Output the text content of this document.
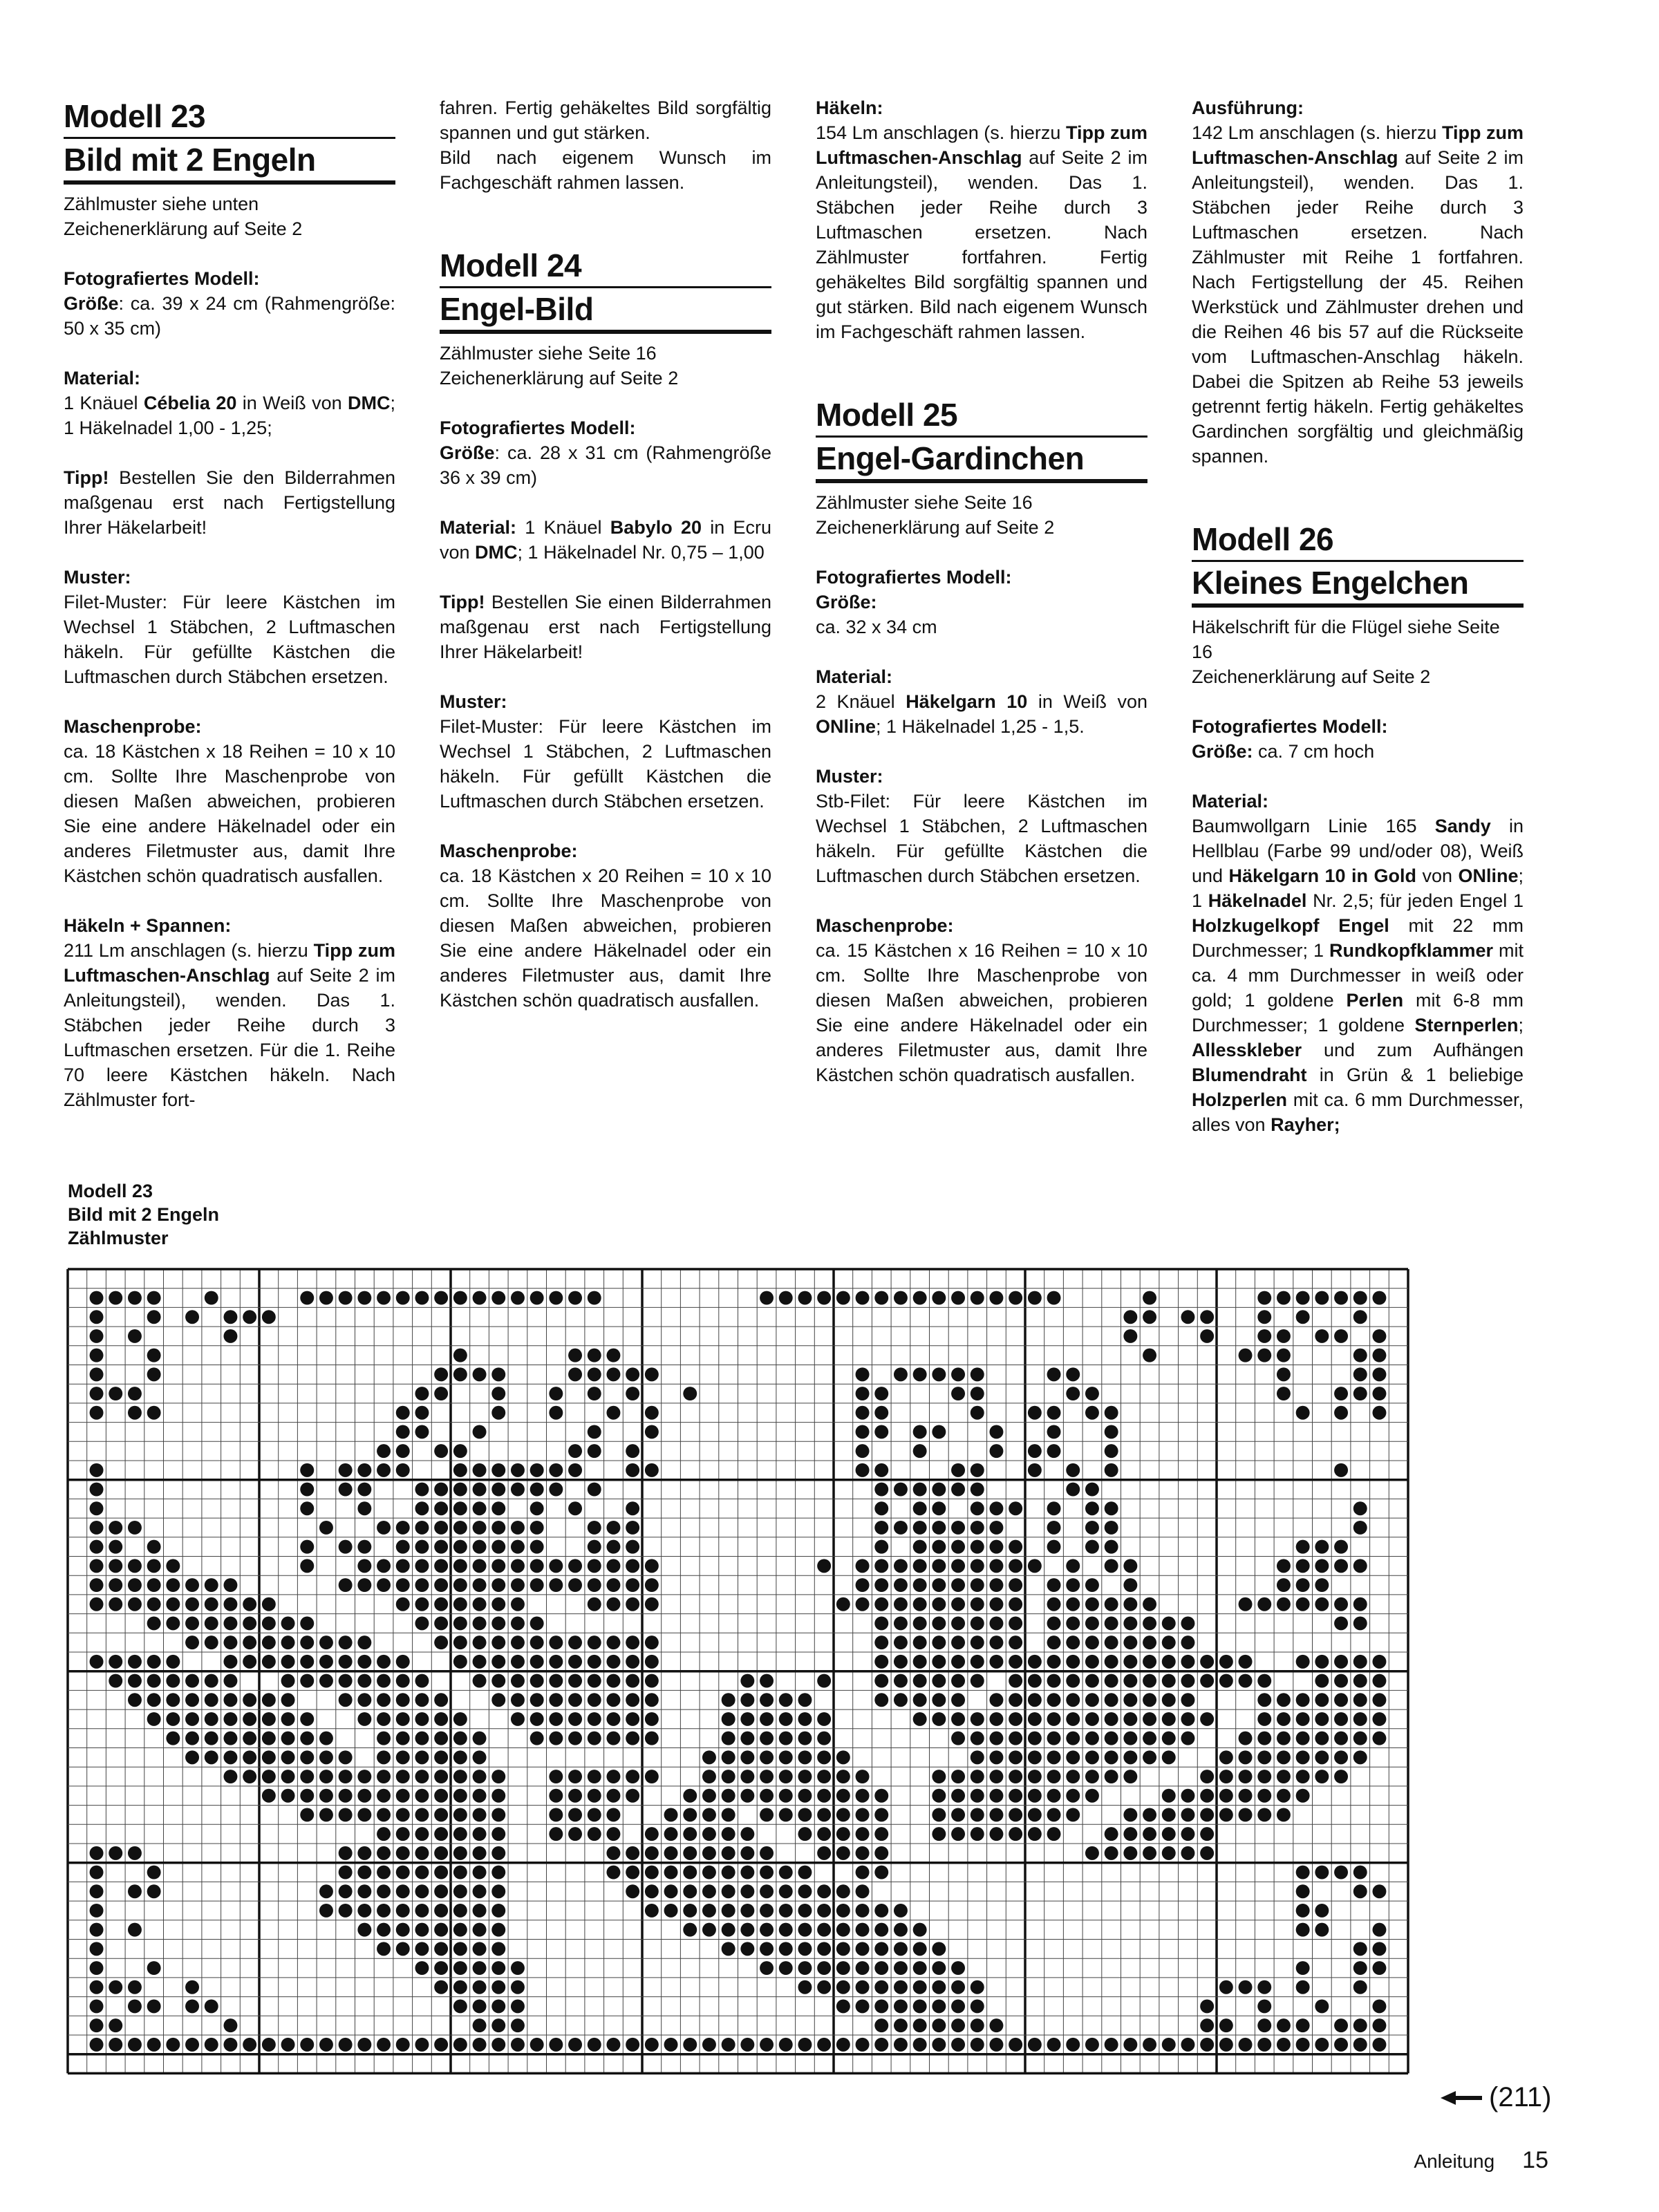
Modell 23
Bild mit 2 Engeln
Zählmuster siehe unten
Zeichenerklärung auf Seite 2
Fotografiertes Modell:
Größe: ca. 39 x 24 cm (Rahmengröße: 50 x 35 cm)
Material:
1 Knäuel Cébelia 20 in Weiß von DMC; 1 Häkelnadel 1,00 - 1,25;
Tipp! Bestellen Sie den Bilderrahmen maßgenau erst nach Fertigstellung Ihrer Häkelarbeit!
Muster:
Filet-Muster: Für leere Kästchen im Wechsel 1 Stäbchen, 2 Luftmaschen häkeln. Für gefüllte Kästchen die Luftmaschen durch Stäbchen ersetzen.
Maschenprobe:
ca. 18 Kästchen x 18 Reihen = 10 x 10 cm. Sollte Ihre Maschenprobe von diesen Maßen abweichen, probieren Sie eine andere Häkelnadel oder ein anderes Filetmuster aus, damit Ihre Kästchen schön quadratisch ausfallen.
Häkeln + Spannen:
211 Lm anschlagen (s. hierzu Tipp zum Luftmaschen-Anschlag auf Seite 2 im Anleitungsteil), wenden. Das 1. Stäbchen jeder Reihe durch 3 Luftmaschen ersetzen. Für die 1. Reihe 70 leere Kästchen häkeln. Nach Zählmuster fort-
fahren. Fertig gehäkeltes Bild sorgfältig spannen und gut stärken.
Bild nach eigenem Wunsch im Fachgeschäft rahmen lassen.
Modell 24
Engel-Bild
Zählmuster siehe Seite 16
Zeichenerklärung auf Seite 2
Fotografiertes Modell:
Größe: ca. 28 x 31 cm (Rahmengröße 36 x 39 cm)
Material: 1 Knäuel Babylo 20 in Ecru von DMC; 1 Häkelnadel Nr. 0,75 – 1,00
Tipp! Bestellen Sie einen Bilderrahmen maßgenau erst nach Fertigstellung Ihrer Häkelarbeit!
Muster:
Filet-Muster: Für leere Kästchen im Wechsel 1 Stäbchen, 2 Luftmaschen häkeln. Für gefüllt Kästchen die Luftmaschen durch Stäbchen ersetzen.
Maschenprobe:
ca. 18 Kästchen x 20 Reihen = 10 x 10 cm. Sollte Ihre Maschenprobe von diesen Maßen abweichen, probieren Sie eine andere Häkelnadel oder ein anderes Filetmuster aus, damit Ihre Kästchen schön quadratisch ausfallen.
Häkeln:
154 Lm anschlagen (s. hierzu Tipp zum Luftmaschen-Anschlag auf Seite 2 im Anleitungsteil), wenden. Das 1. Stäbchen jeder Reihe durch 3 Luftmaschen ersetzen. Nach Zählmuster fortfahren. Fertig gehäkeltes Bild sorgfältig spannen und gut stärken. Bild nach eigenem Wunsch im Fachgeschäft rahmen lassen.
Modell 25
Engel-Gardinchen
Zählmuster siehe Seite 16
Zeichenerklärung auf Seite 2
Fotografiertes Modell:
Größe:
ca. 32 x 34 cm
Material:
2 Knäuel Häkelgarn 10 in Weiß von ONline; 1 Häkelnadel 1,25 - 1,5.
Muster:
Stb-Filet: Für leere Kästchen im Wechsel 1 Stäbchen, 2 Luftmaschen häkeln. Für gefüllte Kästchen die Luftmaschen durch Stäbchen ersetzen.
Maschenprobe:
ca. 15 Kästchen x 16 Reihen = 10 x 10 cm. Sollte Ihre Maschenprobe von diesen Maßen abweichen, probieren Sie eine andere Häkelnadel oder ein anderes Filetmuster aus, damit Ihre Kästchen schön quadratisch ausfallen.
Ausführung:
142 Lm anschlagen (s. hierzu Tipp zum Luftmaschen-Anschlag auf Seite 2 im Anleitungsteil), wenden. Das 1. Stäbchen jeder Reihe durch 3 Luftmaschen ersetzen. Nach Zählmuster mit Reihe 1 fortfahren. Nach Fertigstellung der 45. Reihen Werkstück und Zählmuster drehen und die Reihen 46 bis 57 auf die Rückseite vom Luftmaschen-Anschlag häkeln. Dabei die Spitzen ab Reihe 53 jeweils getrennt fertig häkeln. Fertig gehäkeltes Gardinchen sorgfältig und gleichmäßig spannen.
Modell 26
Kleines Engelchen
Häkelschrift für die Flügel siehe Seite 16
Zeichenerklärung auf Seite 2
Fotografiertes Modell:
Größe: ca. 7 cm hoch
Material:
Baumwollgarn Linie 165 Sandy in Hellblau (Farbe 99 und/oder 08), Weiß und Häkelgarn 10 in Gold von ONline; 1 Häkelnadel Nr. 2,5; für jeden Engel 1 Holzkugelkopf Engel mit 22 mm Durchmesser; 1 Rundkopfklammer mit ca. 4 mm Durchmesser in weiß oder gold; 1 goldene Perlen mit 6-8 mm Durchmesser; 1 goldene Sternperlen; Allesskleber und zum Aufhängen Blumendraht in Grün & 1 beliebige Holzperlen mit ca. 6 mm Durchmesser, alles von Rayher;
Modell 23
Bild mit 2 Engeln
Zählmuster
(211)
Anleitung 15
